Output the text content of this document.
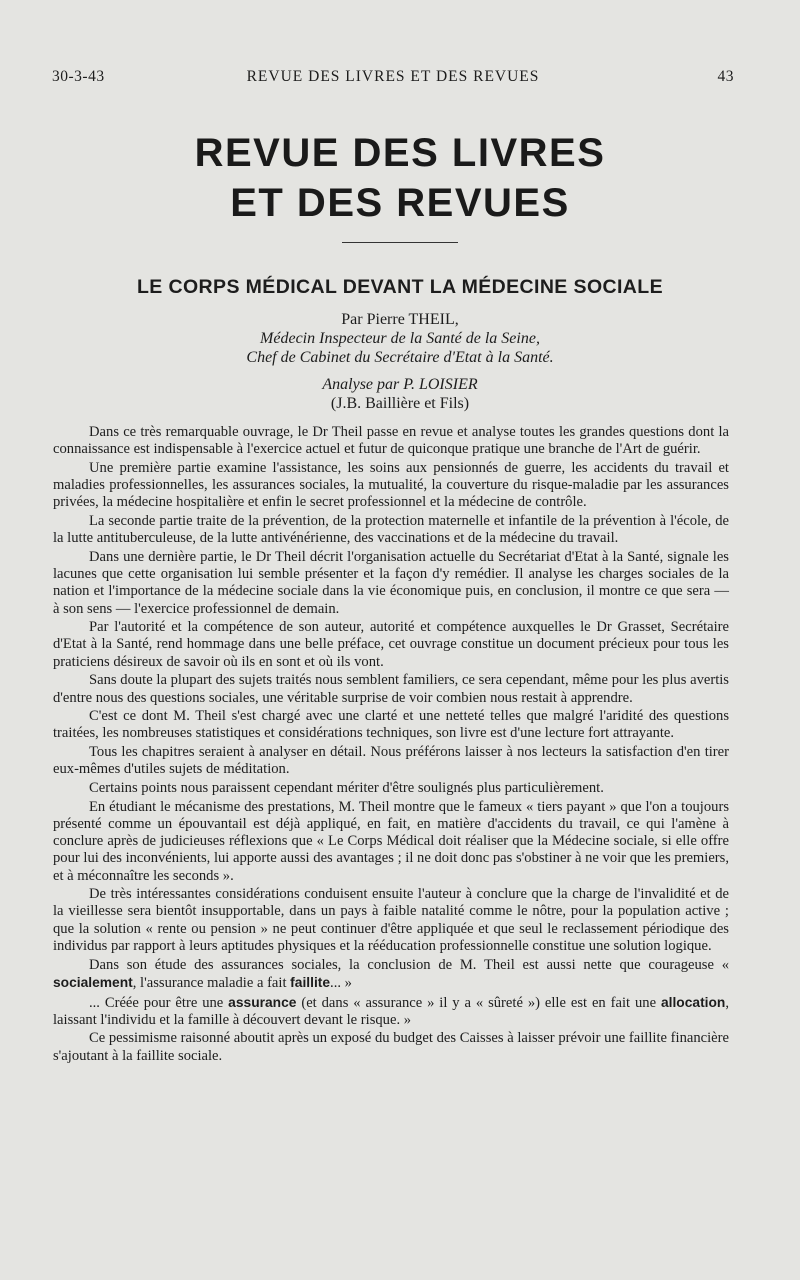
30-3-43	REVUE DES LIVRES ET DES REVUES	43
REVUE DES LIVRES
ET DES REVUES
LE CORPS MÉDICAL DEVANT LA MÉDECINE SOCIALE
Par Pierre THEIL,
Médecin Inspecteur de la Santé de la Seine,
Chef de Cabinet du Secrétaire d'Etat à la Santé.
Analyse par P. LOISIER
(J.B. Baillière et Fils)

Dans ce très remarquable ouvrage, le Dr Theil passe en revue et analyse toutes les grandes questions dont la connaissance est indispensable à l'exercice actuel et futur de quiconque pratique une branche de l'Art de guérir.

Une première partie examine l'assistance, les soins aux pensionnés de guerre, les accidents du travail et maladies professionnelles, les assurances sociales, la mutualité, la couverture du risque-maladie par les assurances privées, la médecine hospitalière et enfin le secret professionnel et la médecine de contrôle.

La seconde partie traite de la prévention, de la protection maternelle et infantile de la prévention à l'école, de la lutte antituberculeuse, de la lutte antivénérienne, des vaccinations et de la médecine du travail.

Dans une dernière partie, le Dr Theil décrit l'organisation actuelle du Secrétariat d'Etat à la Santé, signale les lacunes que cette organisation lui semble présenter et la façon d'y remédier. Il analyse les charges sociales de la nation et l'importance de la médecine sociale dans la vie économique puis, en conclusion, il montre ce que sera — à son sens — l'exercice professionnel de demain.

Par l'autorité et la compétence de son auteur, autorité et compétence auxquelles le Dr Grasset, Secrétaire d'Etat à la Santé, rend hommage dans une belle préface, cet ouvrage constitue un document précieux pour tous les praticiens désireux de savoir où ils en sont et où ils vont.

Sans doute la plupart des sujets traités nous semblent familiers, ce sera cependant, même pour les plus avertis d'entre nous des questions sociales, une véritable surprise de voir combien nous restait à apprendre.

C'est ce dont M. Theil s'est chargé avec une clarté et une netteté telles que malgré l'aridité des questions traitées, les nombreuses statistiques et considérations techniques, son livre est d'une lecture fort attrayante.

Tous les chapitres seraient à analyser en détail. Nous préférons laisser à nos lecteurs la satisfaction d'en tirer eux-mêmes d'utiles sujets de méditation.

Certains points nous paraissent cependant mériter d'être soulignés plus particulièrement.

En étudiant le mécanisme des prestations, M. Theil montre que le fameux « tiers payant » que l'on a toujours présenté comme un épouvantail est déjà appliqué, en fait, en matière d'accidents du travail, ce qui l'amène à conclure après de judicieuses réflexions que « Le Corps Médical doit réaliser que la Médecine sociale, si elle offre pour lui des inconvénients, lui apporte aussi des avantages ; il ne doit donc pas s'obstiner à ne voir que les premiers, et à méconnaître les seconds ».

De très intéressantes considérations conduisent ensuite l'auteur à conclure que la charge de l'invalidité et de la vieillesse sera bientôt insupportable, dans un pays à faible natalité comme le nôtre, pour la population active ; que la solution « rente ou pension » ne peut continuer d'être appliquée et que seul le reclassement périodique des individus par rapport à leurs aptitudes physiques et la rééducation professionnelle constitue une solution logique.

Dans son étude des assurances sociales, la conclusion de M. Theil est aussi nette que courageuse « socialement, l'assurance maladie a fait faillite... »

... Créée pour être une assurance (et dans « assurance » il y a « sûreté ») elle est en fait une allocation, laissant l'individu et la famille à découvert devant le risque. »

Ce pessimisme raisonné aboutit après un exposé du budget des Caisses à laisser prévoir une faillite financière s'ajoutant à la faillite sociale.
